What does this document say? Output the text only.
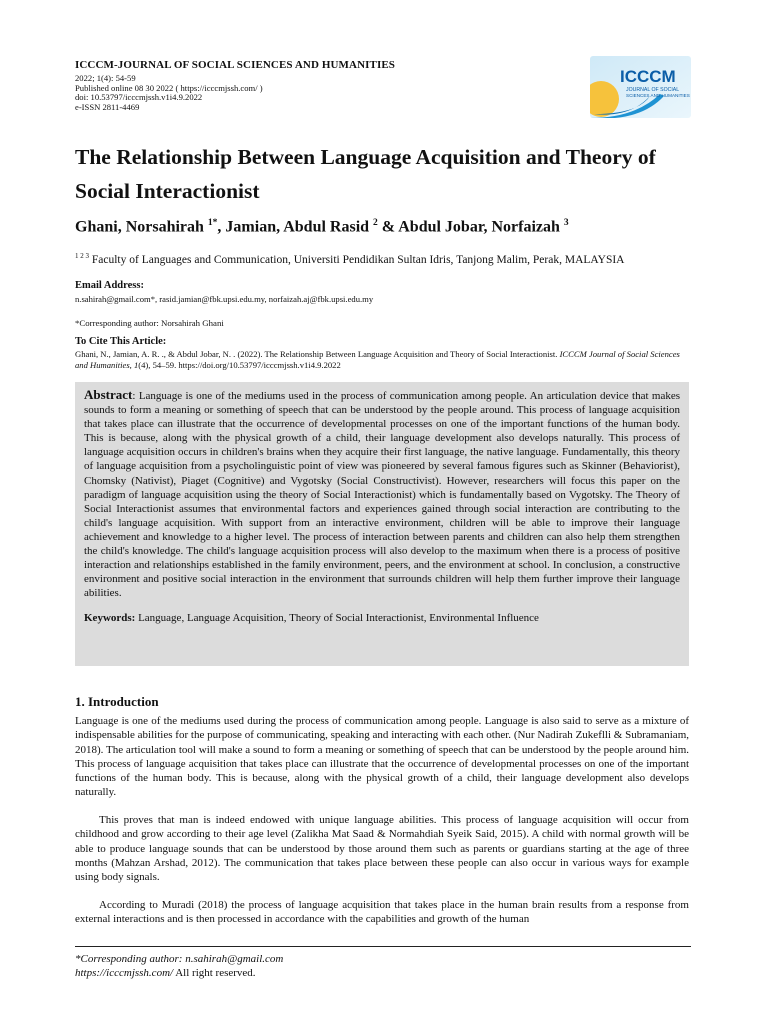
ICCCM-JOURNAL OF SOCIAL SCIENCES AND HUMANITIES
2022; 1(4): 54-59
Published online 08 30 2022 ( https://icccmjssh.com/ )
doi: 10.53797/icccmjssh.v1i4.9.2022
e-ISSN 2811-4469
ICCCM
JOURNAL OF SOCIAL
SCIENCES AND HUMANITIES
The Relationship Between Language Acquisition and Theory of Social Interactionist
Ghani, Norsahirah $^{1*}$, Jamian, Abdul Rasid $^2$ & Abdul Jobar, Norfaizah $^3$
$^{1 2 3}$ Faculty of Languages and Communication, Universiti Pendidikan Sultan Idris, Tanjong Malim, Perak, MALAYSIA
Email Address:
n.sahirah@gmail.com*, rasid.jamian@fbk.upsi.edu.my, norfaizah.aj@fbk.upsi.edu.my
*Corresponding author: Norsahirah Ghani
To Cite This Article:
Ghani, N., Jamian, A. R. ., & Abdul Jobar, N. . (2022). The Relationship Between Language Acquisition and Theory of Social Interactionist. ICCCM Journal of Social Sciences and Humanities, 1(4), 54–59. https://doi.org/10.53797/icccmjssh.v1i4.9.2022

Abstract: Language is one of the mediums used in the process of communication among people. An articulation device that makes sounds to form a meaning or something of speech that can be understood by the people around. This process of language acquisition that takes place can illustrate that the occurrence of developmental processes on one of the important functions of the human body. This is because, along with the physical growth of a child, their language development also develops naturally. This process of language acquisition occurs in children's brains when they acquire their first language, the native language. Fundamentally, this theory of language acquisition from a psycholinguistic point of view was pioneered by several famous figures such as Skinner (Behaviorist), Chomsky (Nativist), Piaget (Cognitive) and Vygotsky (Social Constructivist). However, researchers will focus this paper on the paradigm of language acquisition using the theory of Social Interactionist) which is fundamentally based on Vygotsky. The Theory of Social Interactionist assumes that environmental factors and experiences gained through social interaction are contributing to the child's language acquisition. With support from an interactive environment, children will be able to improve their language achievement and knowledge to a higher level. The process of interaction between parents and children can also help them strengthen the child's knowledge. The child's language acquisition process will also develop to the maximum when there is a process of positive interaction and relationships established in the family environment, peers, and the environment at school. In conclusion, a constructive environment and positive social interaction in the environment that surrounds children will help them further improve their language abilities.

Keywords: Language, Language Acquisition, Theory of Social Interactionist, Environmental Influence
1. Introduction

Language is one of the mediums used during the process of communication among people. Language is also said to serve as a mixture of indispensable abilities for the purpose of communicating, speaking and interacting with each other. (Nur Nadirah Zukeflli & Subramaniam, 2018). The articulation tool will make a sound to form a meaning or something of speech that can be understood by the people around him. This process of language acquisition that takes place can illustrate that the occurrence of developmental processes on one of the important functions of the human body. This is because, along with the physical growth of a child, their language development also develops naturally.

This proves that man is indeed endowed with unique language abilities. This process of language acquisition will occur from childhood and grow according to their age level (Zalikha Mat Saad & Normahdiah Syeik Said, 2015). A child with normal growth will be able to produce language sounds that can be understood by those around them such as parents or guardians starting at the age of three months (Mahzan Arshad, 2012). The communication that takes place between these people can also occur in various ways for example using body signals.

According to Muradi (2018) the process of language acquisition that takes place in the human brain results from a response from external interactions and is then processed in accordance with the capabilities and growth of the human

*Corresponding author: n.sahirah@gmail.com
https://icccmjssh.com/ All right reserved.
